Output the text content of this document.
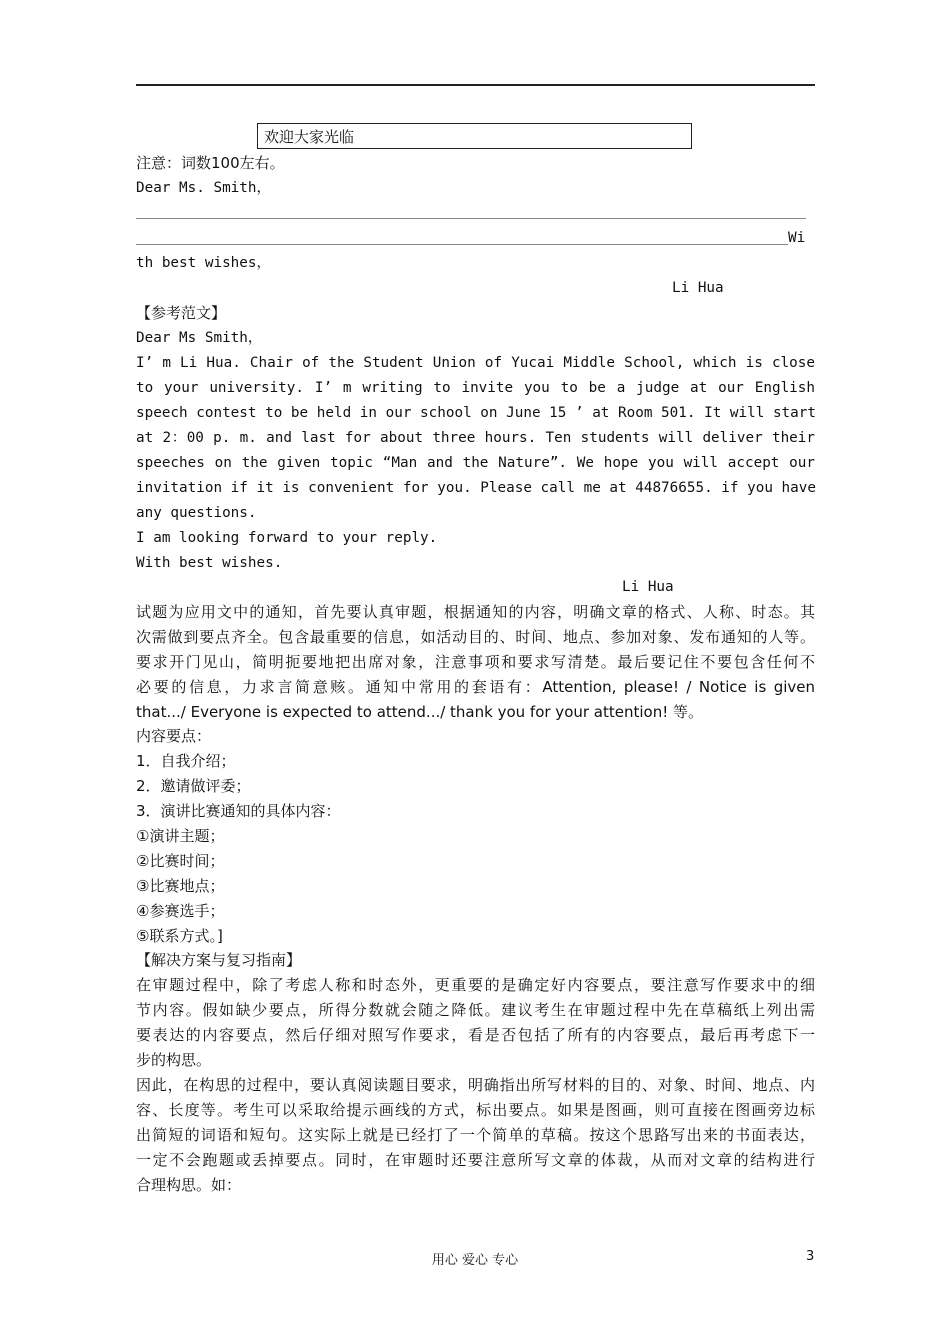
欢迎大家光临
注意：词数100左右。
Dear Ms. Smith，
Wi
th best wishes，
Li Hua
【参考范文】
Dear Ms Smith，
I’ m Li Hua. Chair of the Student Union of Yucai Middle School, which is close
to your university. I’ m writing to invite you to be a judge at our English
speech contest to be held in our school on June 15 ’ at Room 501. It will start
at 2：00 p. m. and last for about three hours. Ten students will deliver their
speeches on the given topic “Man and the Nature”. We hope you will accept our
invitation if it is convenient for you. Please call me at 44876655. if you have
any questions.
I am looking forward to your reply.
With best wishes.
Li Hua
试题为应用文中的通知，首先要认真审题，根据通知的内容，明确文章的格式、人称、时态。其
次需做到要点齐全。包含最重要的信息，如活动目的、时间、地点、参加对象、发布通知的人等。
要求开门见山，简明扼要地把出席对象，注意事项和要求写清楚。最后要记住不要包含任何不
必要的信息，力求言简意赅。通知中常用的套语有：Attention, please! / Notice is given
that.../ Everyone is expected to attend.../ thank you for your attention! 等。
内容要点：
1．自我介绍；
2．邀请做评委；
3．演讲比赛通知的具体内容：
①演讲主题；
②比赛时间；
③比赛地点；
④参赛选手；
⑤联系方式。]
【解决方案与复习指南】
在审题过程中，除了考虑人称和时态外，更重要的是确定好内容要点，要注意写作要求中的细
节内容。假如缺少要点，所得分数就会随之降低。建议考生在审题过程中先在草稿纸上列出需
要表达的内容要点，然后仔细对照写作要求，看是否包括了所有的内容要点，最后再考虑下一
步的构思。
因此，在构思的过程中，要认真阅读题目要求，明确指出所写材料的目的、对象、时间、地点、内
容、长度等。考生可以采取给提示画线的方式，标出要点。如果是图画，则可直接在图画旁边标
出简短的词语和短句。这实际上就是已经打了一个简单的草稿。按这个思路写出来的书面表达，
一定不会跑题或丢掉要点。同时，在审题时还要注意所写文章的体裁，从而对文章的结构进行
合理构思。如：
用心 爱心 专心	3
